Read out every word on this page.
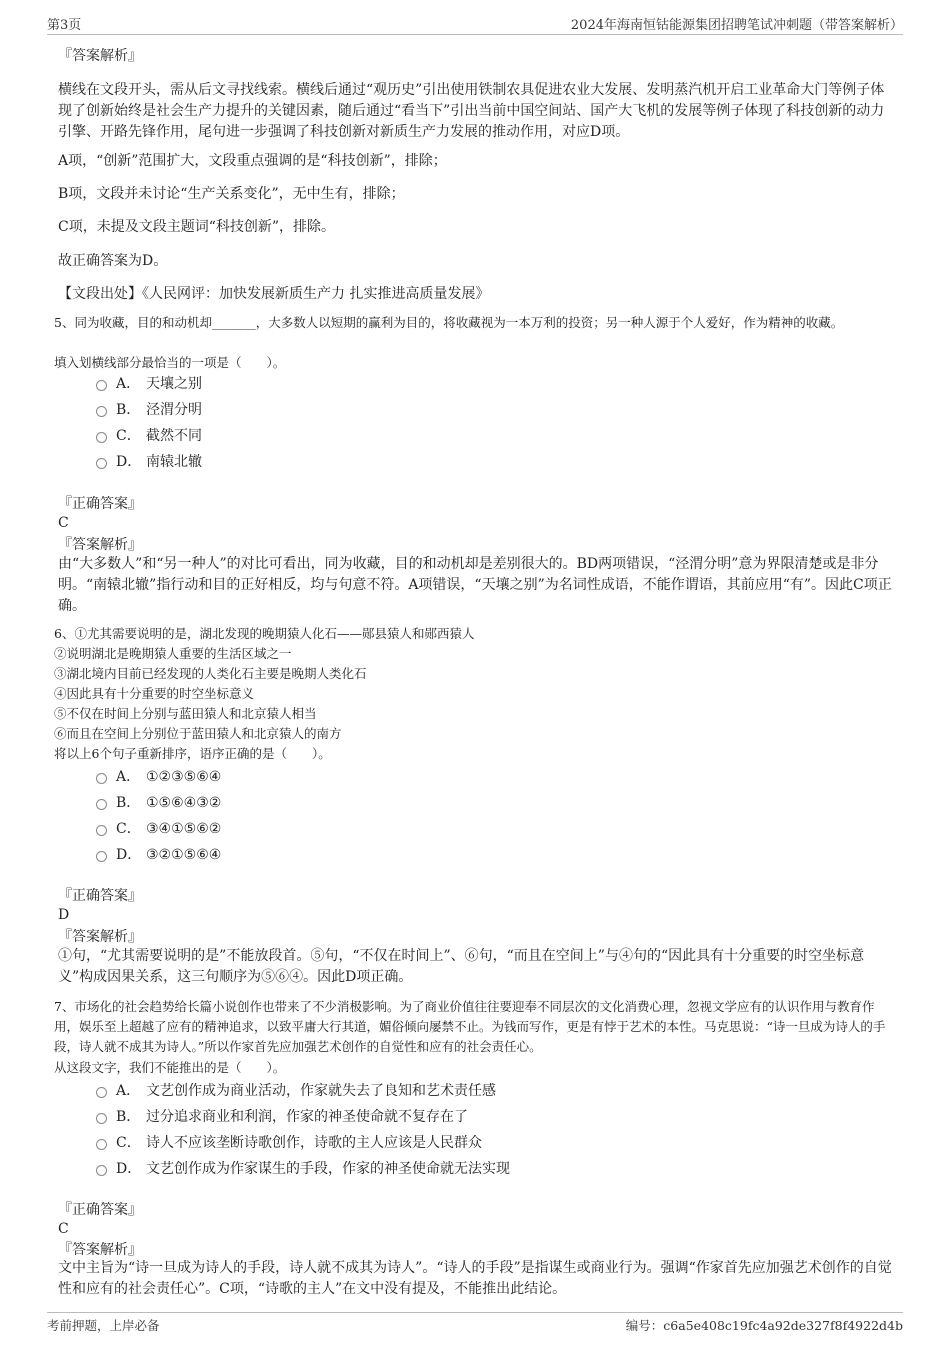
第3页	2024年海南恒钴能源集团招聘笔试冲刺题（带答案解析）
『答案解析』
横线在文段开头，需从后文寻找线索。横线后通过“观历史”引出使用铁制农具促进农业大发展、发明蒸汽机开启工业革命大门等例子体现了创新始终是社会生产力提升的关键因素，随后通过“看当下”引出当前中国空间站、国产大飞机的发展等例子体现了科技创新的动力引擎、开路先锋作用，尾句进一步强调了科技创新对新质生产力发展的推动作用，对应D项。
A项，“创新”范围扩大，文段重点强调的是“科技创新”，排除；
B项，文段并未讨论“生产关系变化”，无中生有，排除；
C项，未提及文段主题词“科技创新”，排除。
故正确答案为D。
【文段出处】《人民网评：加快发展新质生产力 扎实推进高质量发展》
5、同为收藏，目的和动机却_______，大多数人以短期的赢利为目的，将收藏视为一本万利的投资；另一种人源于个人爱好，作为精神的收藏。
填入划横线部分最恰当的一项是（　　）。
A． 天壤之别
B． 泾渭分明
C． 截然不同
D． 南辕北辙
『正确答案』
C
『答案解析』
由“大多数人”和“另一种人”的对比可看出，同为收藏，目的和动机却是差别很大的。BD两项错误，“泾渭分明”意为界限清楚或是非分明。“南辕北辙”指行动和目的正好相反，均与句意不符。A项错误，“天壤之别”为名词性成语，不能作谓语，其前应用“有”。因此C项正确。
6、①尤其需要说明的是，湖北发现的晚期猿人化石——郧县猿人和郧西猿人
②说明湖北是晚期猿人重要的生活区域之一
③湖北境内目前已经发现的人类化石主要是晚期人类化石
④因此具有十分重要的时空坐标意义
⑤不仅在时间上分别与蓝田猿人和北京猿人相当
⑥而且在空间上分别位于蓝田猿人和北京猿人的南方
将以上6个句子重新排序，语序正确的是（　　）。
A． ①②③⑤⑥④
B． ①⑤⑥④③②
C． ③④①⑤⑥②
D． ③②①⑤⑥④
『正确答案』
D
『答案解析』
①句，“尤其需要说明的是”不能放段首。⑤句，“不仅在时间上”、⑥句，“而且在空间上”与④句的“因此具有十分重要的时空坐标意义”构成因果关系，这三句顺序为⑤⑥④。因此D项正确。
7、市场化的社会趋势给长篇小说创作也带来了不少消极影响。为了商业价值往往要迎奉不同层次的文化消费心理，忽视文学应有的认识作用与教育作用，娱乐至上超越了应有的精神追求，以致平庸大行其道，媚俗倾向屡禁不止。为钱而写作，更是有悖于艺术的本性。马克思说：“诗一旦成为诗人的手段，诗人就不成其为诗人。”所以作家首先应加强艺术创作的自觉性和应有的社会责任心。
从这段文字，我们不能推出的是（　　）。
A． 文艺创作成为商业活动，作家就失去了良知和艺术责任感
B． 过分追求商业和利润，作家的神圣使命就不复存在了
C． 诗人不应该垄断诗歌创作，诗歌的主人应该是人民群众
D． 文艺创作成为作家谋生的手段，作家的神圣使命就无法实现
『正确答案』
C
『答案解析』
文中主旨为“诗一旦成为诗人的手段，诗人就不成其为诗人”。“诗人的手段”是指谋生或商业行为。强调“作家首先应加强艺术创作的自觉性和应有的社会责任心”。C项，“诗歌的主人”在文中没有提及，不能推出此结论。
考前押题，上岸必备	编号：c6a5e408c19fc4a92de327f8f4922d4b
